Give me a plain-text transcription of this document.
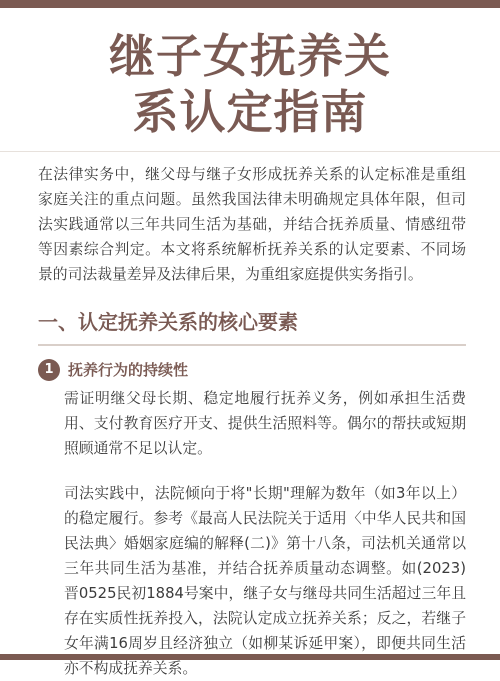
继子女抚养关
系认定指南

在法律实务中，继父母与继子女形成抚养关系的认定标准是重组家庭关注的重点问题。虽然我国法律未明确规定具体年限，但司法实践通常以三年共同生活为基础，并结合抚养质量、情感纽带等因素综合判定。本文将系统解析抚养关系的认定要素、不同场景的司法裁量差异及法律后果，为重组家庭提供实务指引。

一、认定抚养关系的核心要素
1 抚养行为的持续性

需证明继父母长期、稳定地履行抚养义务，例如承担生活费用、支付教育医疗开支、提供生活照料等。偶尔的帮扶或短期照顾通常不足以认定。

司法实践中，法院倾向于将"长期"理解为数年（如3年以上）的稳定履行。参考《最高人民法院关于适用〈中华人民共和国民法典〉婚姻家庭编的解释(二)》第十八条，司法机关通常以三年共同生活为基准，并结合抚养质量动态调整。如(2023)晋0525民初1884号案中，继子女与继母共同生活超过三年且存在实质性抚养投入，法院认定成立抚养关系；反之，若继子女年满16周岁且经济独立（如柳某诉延甲案），即便共同生活亦不构成抚养关系。
